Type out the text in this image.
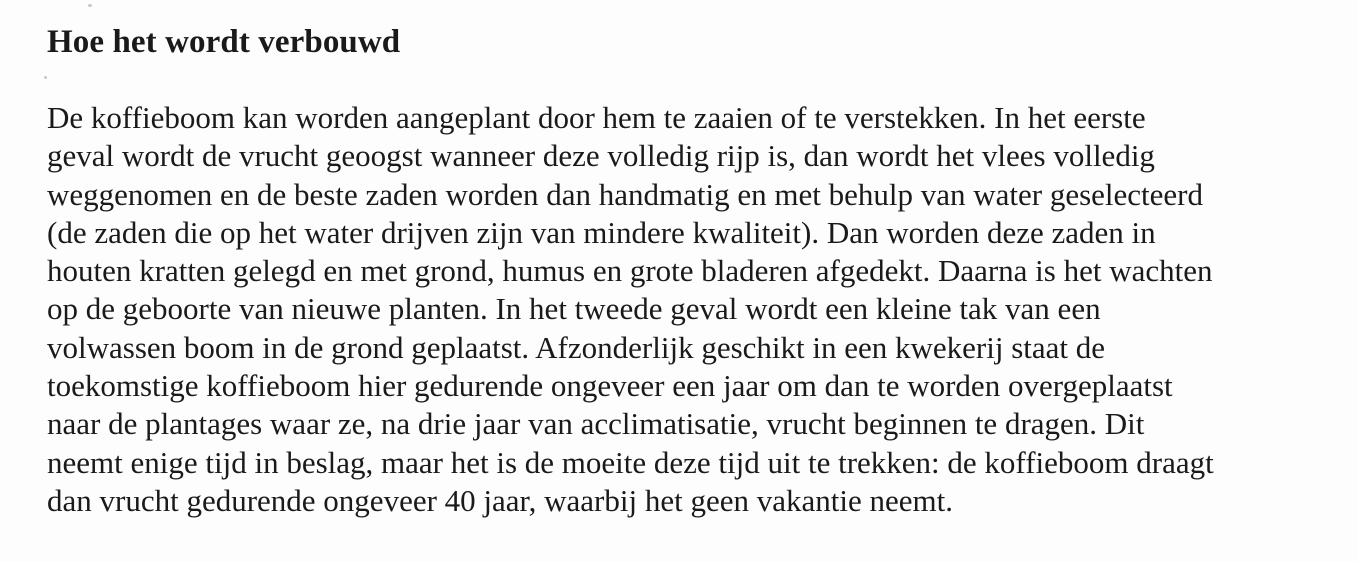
Hoe het wordt verbouwd

De koffieboom kan worden aangeplant door hem te zaaien of te verstekken. In het eerste
geval wordt de vrucht geoogst wanneer deze volledig rijp is, dan wordt het vlees volledig
weggenomen en de beste zaden worden dan handmatig en met behulp van water geselecteerd
(de zaden die op het water drijven zijn van mindere kwaliteit). Dan worden deze zaden in
houten kratten gelegd en met grond, humus en grote bladeren afgedekt. Daarna is het wachten
op de geboorte van nieuwe planten. In het tweede geval wordt een kleine tak van een
volwassen boom in de grond geplaatst. Afzonderlijk geschikt in een kwekerij staat de
toekomstige koffieboom hier gedurende ongeveer een jaar om dan te worden overgeplaatst
naar de plantages waar ze, na drie jaar van acclimatisatie, vrucht beginnen te dragen. Dit
neemt enige tijd in beslag, maar het is de moeite deze tijd uit te trekken: de koffieboom draagt
dan vrucht gedurende ongeveer 40 jaar, waarbij het geen vakantie neemt.
